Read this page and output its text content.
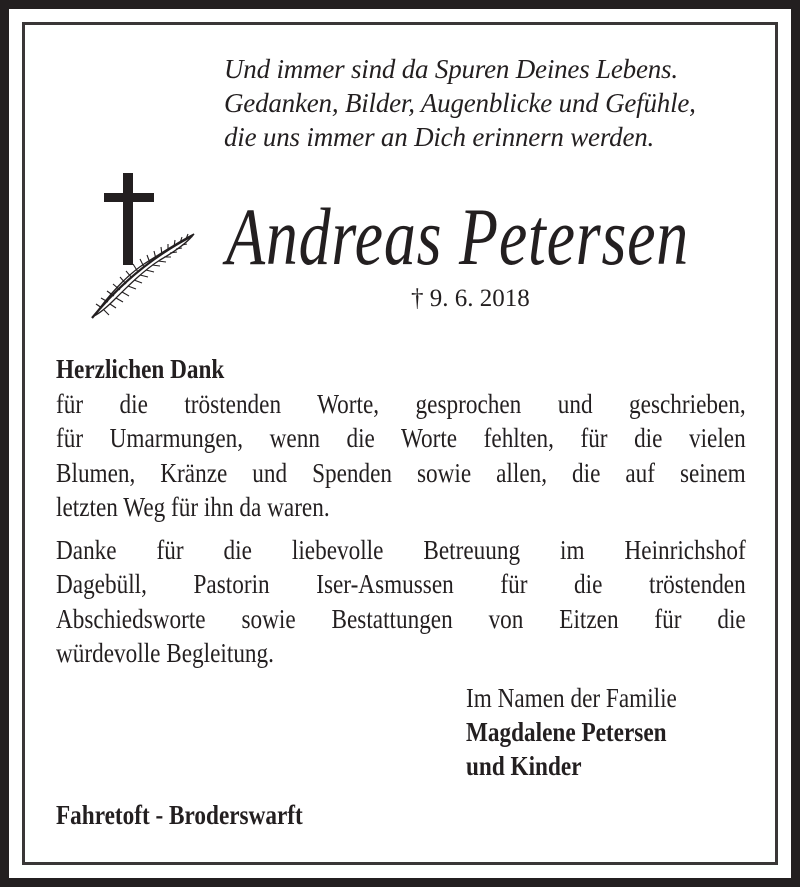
Und immer sind da Spuren Deines Lebens.
Gedanken, Bilder, Augenblicke und Gefühle,
die uns immer an Dich erinnern werden.
Andreas Petersen
† 9. 6. 2018
Herzlichen Dank
für die tröstenden Worte, gesprochen und geschrieben,
für Umarmungen, wenn die Worte fehlten, für die vielen
Blumen, Kränze und Spenden sowie allen, die auf seinem
letzten Weg für ihn da waren.
Danke für die liebevolle Betreuung im Heinrichshof
Dagebüll, Pastorin Iser-Asmussen für die tröstenden
Abschiedsworte sowie Bestattungen von Eitzen für die
würdevolle Begleitung.
Im Namen der Familie
Magdalene Petersen
und Kinder
Fahretoft - Broderswarft
